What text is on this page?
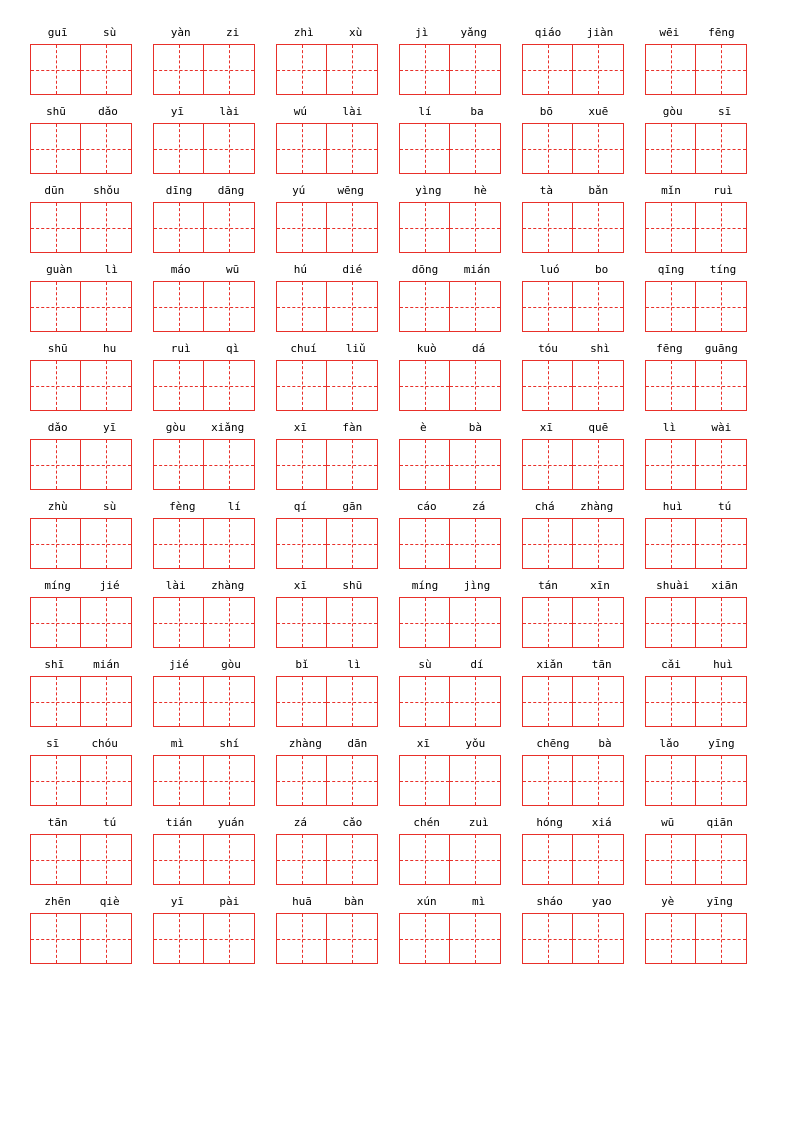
guī	sù	yàn	zi	zhì	xù	jì	yǎng	qiáo jiàn	wēi	fēng
shū	dǎo	yī	lài	wú	lài	lí	ba	bō	xuē	gòu	sī
dūn	shǒu	dīng dāng	yú	wēng	yìng	hè	tà	bǎn	mǐn	ruì
guàn	lì	máo	wū	hú	dié	dōng mián	luó	bo	qīng tíng
shū	hu	ruì	qì	chuí	liǔ	kuò	dá	tóu	shì	fēng guāng
dǎo	yī	gòu xiǎng	xī	fàn	è	bà	xī	quē	lì	wài
zhù	sù	fèng	lí	qí	gān	cáo	zá	chá zhàng	huì	tú
míng	jié	lài zhàng	xī	shū	míng jìng	tán	xīn	shuài xiān
shī	mián	jié	gòu	bǐ	lì	sù	dí	xiǎn	tān	cǎi	huì
sī	chóu	mì	shí	zhàng dān	xī	yǒu	chēng	bà	lǎo	yīng
tān	tú	tián yuán	zá	cǎo	chén	zuì	hóng	xiá	wū	qiān
zhēn	qiè	yī	pài	huā	bàn	xún	mì	sháo	yao	yè	yīng
